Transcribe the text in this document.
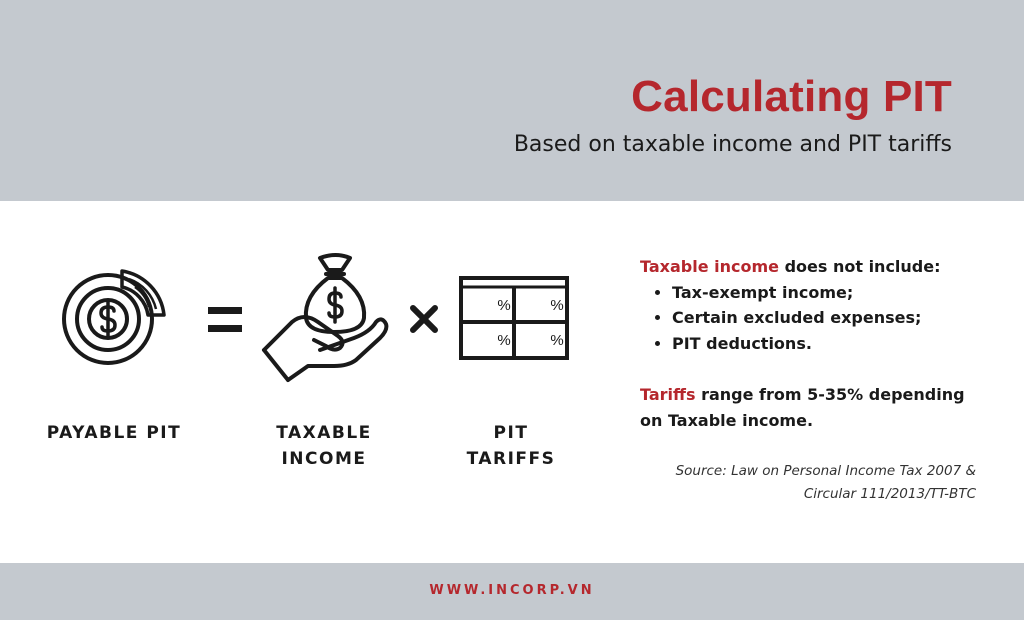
Calculating PIT
Based on taxable income and PIT tariffs
%	%
%	%
PAYABLE PIT	TAXABLE
INCOME
PIT
TARIFFS
Taxable income does not include:
• Tax-exempt income;
• Certain excluded expenses;
• PIT deductions.
Tariffs range from 5-35% depending on Taxable income.
Source: Law on Personal Income Tax 2007 &
Circular 111/2013/TT-BTC
WWW.INCORP.VN
